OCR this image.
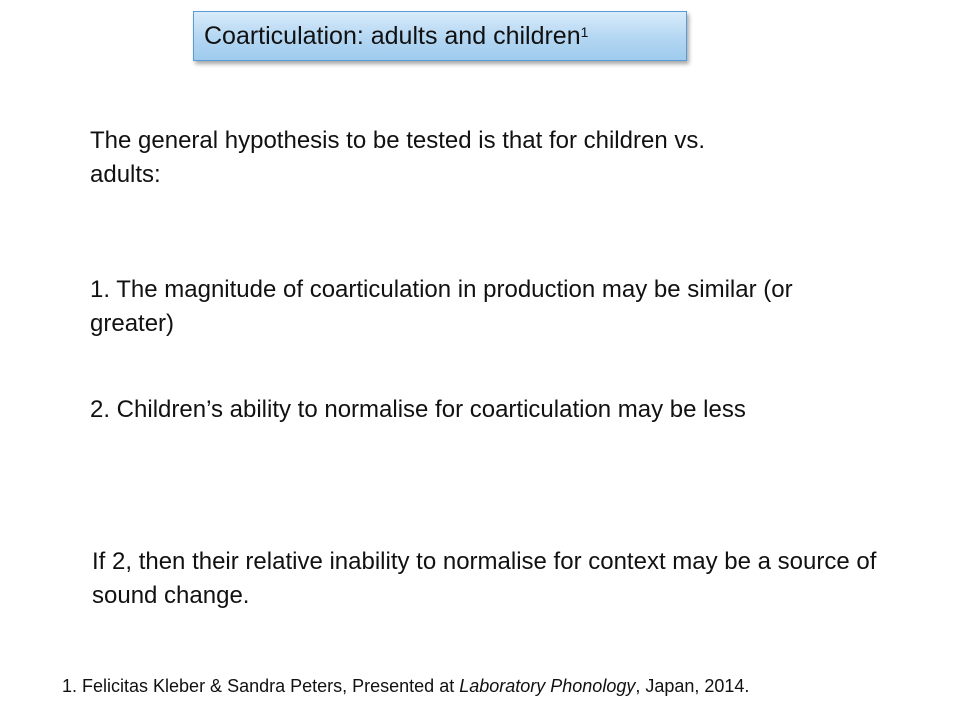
Coarticulation: adults and children$^1$

The general hypothesis to be tested is that for children vs. adults:

1. The magnitude of coarticulation in production may be similar (or greater)

2. Children’s ability to normalise for coarticulation may be less

If 2, then their relative inability to normalise for context may be a source of sound change.

1. Felicitas Kleber & Sandra Peters, Presented at Laboratory Phonology, Japan, 2014.
